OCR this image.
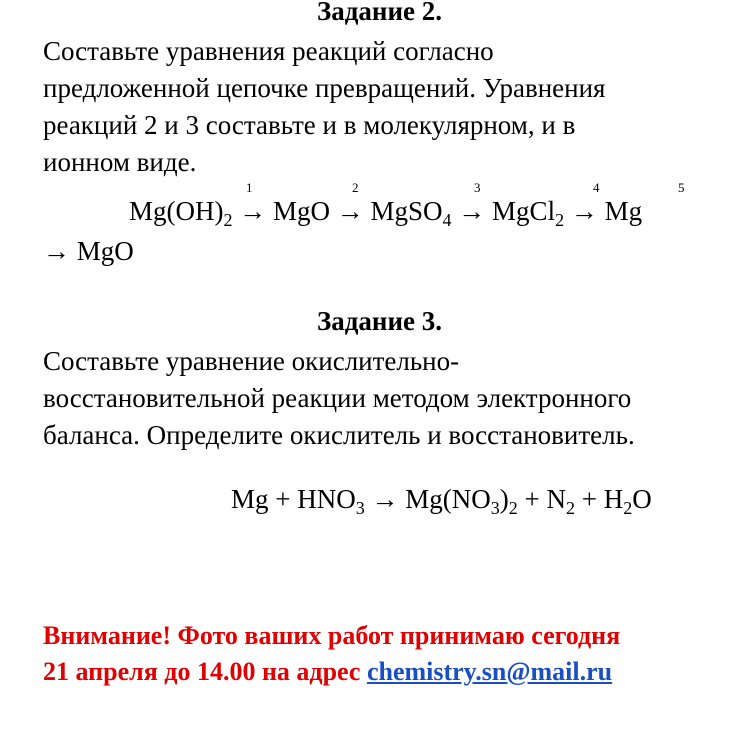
Задание 2.
Составьте уравнения реакций согласно
предложенной цепочке превращений. Уравнения
реакций 2 и 3 составьте и в молекулярном, и в
ионном виде.
1	2	3	4	5
$Mg(OH)_2$ → MgO → MgSO$_4$ → MgCl$_2$ → Mg
→ MgO
Задание 3.
Составьте уравнение окислительно-
восстановительной реакции методом электронного
баланса. Определите окислитель и восстановитель.
$Mg + HNO_3 \to Mg(NO_3)_2 + N_2 + H_2O$
Внимание! Фото ваших работ принимаю сегодня
21 апреля до 14.00 на адрес chemistry.sn@mail.ru
